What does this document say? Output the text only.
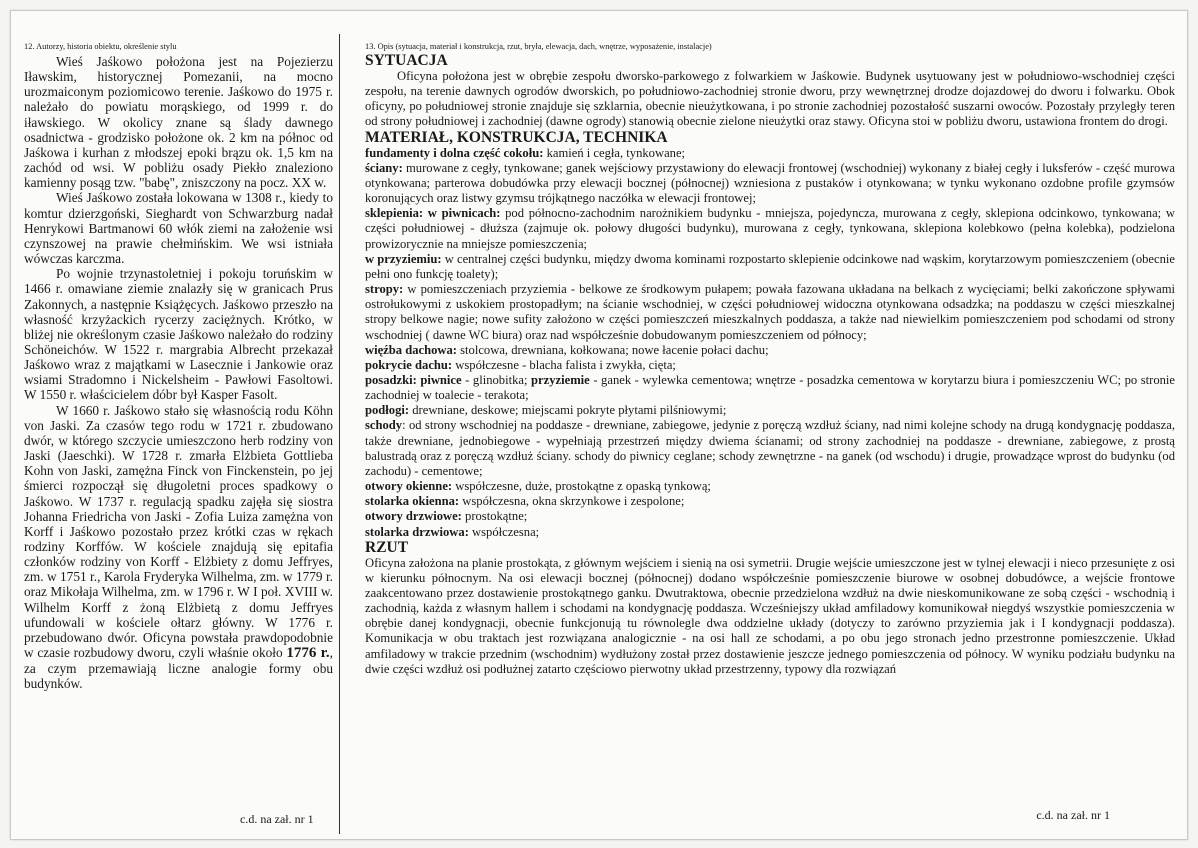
12. Autorzy, historia obiektu, określenie stylu

Wieś Jaśkowo położona jest na Pojezierzu Iławskim, historycznej Pomezanii, na mocno urozmaiconym poziomicowo terenie. Jaśkowo do 1975 r. należało do powiatu morąskiego, od 1999 r. do iławskiego. W okolicy znane są ślady dawnego osadnictwa - grodzisko położone ok. 2 km na północ od Jaśkowa i kurhan z młodszej epoki brązu ok. 1,5 km na zachód od wsi. W pobliżu osady Piekło znaleziono kamienny posąg tzw. "babę", zniszczony na pocz. XX w.

Wieś Jaśkowo została lokowana w 1308 r., kiedy to komtur dzierzgoński, Sieghardt von Schwarzburg nadał Henrykowi Bartmanowi 60 włók ziemi na założenie wsi czynszowej na prawie chełmińskim. We wsi istniała wówczas karczma.

Po wojnie trzynastoletniej i pokoju toruńskim w 1466 r. omawiane ziemie znalazły się w granicach Prus Zakonnych, a następnie Książęcych. Jaśkowo przeszło na własność krzyżackich rycerzy zaciężnych. Krótko, w bliżej nie określonym czasie Jaśkowo należało do rodziny Schöneichów. W 1522 r. margrabia Albrecht przekazał Jaśkowo wraz z majątkami w Lasecznie i Jankowie oraz wsiami Stradomno i Nickelsheim - Pawłowi Fasoltowi. W 1550 r. właścicielem dóbr był Kasper Fasolt.

W 1660 r. Jaśkowo stało się własnością rodu Köhn von Jaski. Za czasów tego rodu w 1721 r. zbudowano dwór, w którego szczycie umieszczono herb rodziny von Jaski (Jaeschki). W 1728 r. zmarła Elżbieta Gottlieba Kohn von Jaski, zamężna Finck von Finckenstein, po jej śmierci rozpoczął się długoletni proces spadkowy o Jaśkowo. W 1737 r. regulacją spadku zajęła się siostra Johanna Friedricha von Jaski - Zofia Luiza zamężna von Korff i Jaśkowo pozostało przez krótki czas w rękach rodziny Korffów. W kościele znajdują się epitafia członków rodziny von Korff - Elżbiety z domu Jeffryes, zm. w 1751 r., Karola Fryderyka Wilhelma, zm. w 1779 r. oraz Mikołaja Wilhelma, zm. w 1796 r. W I poł. XVIII w. Wilhelm Korff z żoną Elżbietą z domu Jeffryes ufundowali w kościele ołtarz główny. W 1776 r. przebudowano dwór. Oficyna powstała prawdopodobnie w czasie rozbudowy dworu, czyli właśnie około 1776 r., za czym przemawiają liczne analogie formy obu budynków.

c.d. na zał. nr 1
13. Opis (sytuacja, materiał i konstrukcja, rzut, bryła, elewacja, dach, wnętrze, wyposażenie, instalacje)
SYTUACJA

Oficyna położona jest w obrębie zespołu dworsko-parkowego z folwarkiem w Jaśkowie. Budynek usytuowany jest w południowo-wschodniej części zespołu, na terenie dawnych ogrodów dworskich, po południowo-zachodniej stronie dworu, przy wewnętrznej drodze dojazdowej do dworu i folwarku. Obok oficyny, po południowej stronie znajduje się szklarnia, obecnie nieużytkowana, i po stronie zachodniej pozostałość suszarni owoców. Pozostały przyległy teren od strony południowej i zachodniej (dawne ogrody) stanowią obecnie zielone nieużytki oraz stawy. Oficyna stoi w pobliżu dworu, ustawiona frontem do drogi.

MATERIAŁ, KONSTRUKCJA, TECHNIKA

fundamenty i dolna część cokołu: kamień i cegła, tynkowane;

ściany: murowane z cegły, tynkowane; ganek wejściowy przystawiony do elewacji frontowej (wschodniej) wykonany z białej cegły i luksferów - część murowa otynkowana; parterowa dobudówka przy elewacji bocznej (północnej) wzniesiona z pustaków i otynkowana; w tynku wykonano ozdobne profile gzymsów koronujących oraz listwy gzymsu trójkątnego naczółka w elewacji frontowej;

sklepienia: w piwnicach: pod północno-zachodnim narożnikiem budynku - mniejsza, pojedyncza, murowana z cegły, sklepiona odcinkowo, tynkowana; w części południowej - dłuższa (zajmuje ok. połowy długości budynku), murowana z cegły, tynkowana, sklepiona kolebkowo (pełna kolebka), podzielona prowizorycznie na mniejsze pomieszczenia;

w przyziemiu: w centralnej części budynku, między dwoma kominami rozpostarto sklepienie odcinkowe nad wąskim, korytarzowym pomieszczeniem (obecnie pełni ono funkcję toalety);

stropy: w pomieszczeniach przyziemia - belkowe ze środkowym pułapem; powała fazowana układana na belkach z wycięciami; belki zakończone spływami ostrołukowymi z uskokiem prostopadłym; na ścianie wschodniej, w części południowej widoczna otynkowana odsadzka; na poddaszu w części mieszkalnej stropy belkowe nagie; nowe sufity założono w części pomieszczeń mieszkalnych poddasza, a także nad niewielkim pomieszczeniem pod schodami od strony wschodniej ( dawne WC biura) oraz nad współcześnie dobudowanym pomieszczeniem od północy;

więźba dachowa: stolcowa, drewniana, kołkowana; nowe łacenie połaci dachu;

pokrycie dachu: współczesne - blacha falista i zwykła, cięta;

posadzki: piwnice - glinobitka; przyziemie - ganek - wylewka cementowa; wnętrze - posadzka cementowa w korytarzu biura i pomieszczeniu WC; po stronie zachodniej w toalecie - terakota;

podłogi: drewniane, deskowe; miejscami pokryte płytami pilśniowymi;

schody: od strony wschodniej na poddasze - drewniane, zabiegowe, jedynie z poręczą wzdłuż ściany, nad nimi kolejne schody na drugą kondygnację poddasza, także drewniane, jednobiegowe - wypełniają przestrzeń między dwiema ścianami; od strony zachodniej na poddasze - drewniane, zabiegowe, z prostą balustradą oraz z poręczą wzdłuż ściany. schody do piwnicy ceglane; schody zewnętrzne - na ganek (od wschodu) i drugie, prowadzące wprost do budynku (od zachodu) - cementowe;

otwory okienne: współczesne, duże, prostokątne z opaską tynkową;

stolarka okienna: współczesna, okna skrzynkowe i zespolone;

otwory drzwiowe: prostokątne;

stolarka drzwiowa: współczesna;

RZUT

Oficyna założona na planie prostokąta, z głównym wejściem i sienią na osi symetrii. Drugie wejście umieszczone jest w tylnej elewacji i nieco przesunięte z osi w kierunku północnym. Na osi elewacji bocznej (północnej) dodano współcześnie pomieszczenie biurowe w osobnej dobudówce, a wejście frontowe zaakcentowano przez dostawienie prostokątnego ganku. Dwutraktowa, obecnie przedzielona wzdłuż na dwie nieskomunikowane ze sobą części - wschodnią i zachodnią, każda z własnym hallem i schodami na kondygnację poddasza. Wcześniejszy układ amfiladowy komunikował niegdyś wszystkie pomieszczenia w obrębie danej kondygnacji, obecnie funkcjonują tu równolegle dwa oddzielne układy (dotyczy to zarówno przyziemia jak i I kondygnacji poddasza). Komunikacja w obu traktach jest rozwiązana analogicznie - na osi hall ze schodami, a po obu jego stronach jedno przestronne pomieszczenie. Układ amfiladowy w trakcie przednim (wschodnim) wydłużony został przez dostawienie jeszcze jednego pomieszczenia od północy. W wyniku podziału budynku na dwie części wzdłuż osi podłużnej zatarto częściowo pierwotny układ przestrzenny, typowy dla rozwiązań

c.d. na zał. nr 1
